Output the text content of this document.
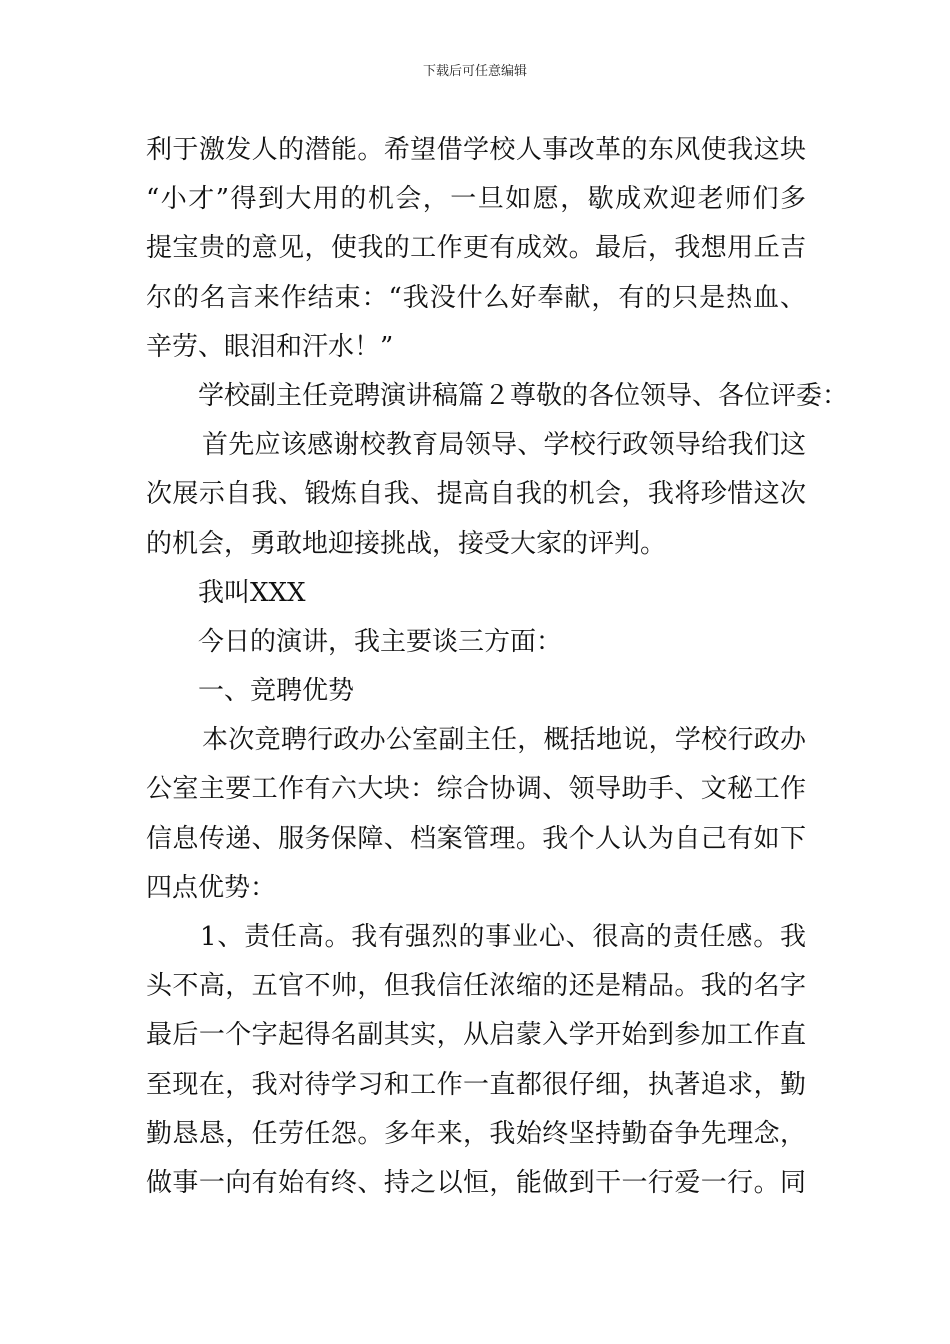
下载后可任意编辑
利于激发人的潜能。希望借学校人事改革的东风使我这块
“小才”得到大用的机会，一旦如愿，歇成欢迎老师们多
提宝贵的意见，使我的工作更有成效。最后，我想用丘吉
尔的名言来作结束：“我没什么好奉献，有的只是热血、
辛劳、眼泪和汗水！”
学校副主任竞聘演讲稿篇２尊敬的各位领导、各位评委：
首先应该感谢校教育局领导、学校行政领导给我们这
次展示自我、锻炼自我、提高自我的机会，我将珍惜这次
的机会，勇敢地迎接挑战，接受大家的评判。
我叫XXX
今日的演讲，我主要谈三方面：
一、竞聘优势
本次竞聘行政办公室副主任，概括地说，学校行政办
公室主要工作有六大块：综合协调、领导助手、文秘工作
信息传递、服务保障、档案管理。我个人认为自己有如下
四点优势：
1、责任高。我有强烈的事业心、很高的责任感。我
头不高，五官不帅，但我信任浓缩的还是精品。我的名字
最后一个字起得名副其实，从启蒙入学开始到参加工作直
至现在，我对待学习和工作一直都很仔细，执著追求，勤
勤恳恳，任劳任怨。多年来，我始终坚持勤奋争先理念，
做事一向有始有终、持之以恒，能做到干一行爱一行。同
